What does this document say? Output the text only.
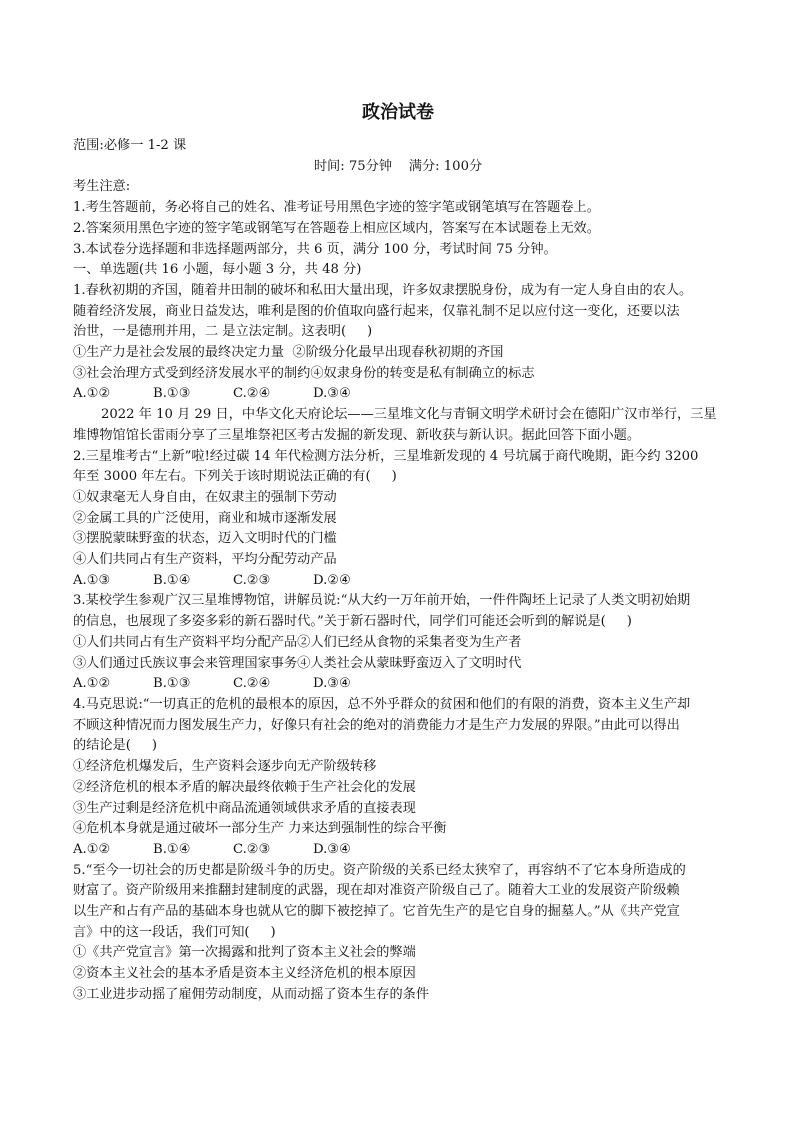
政治试卷
范围:必修一 1-2 课
时间: 75分钟    满分: 100分
考生注意:
1.考生答题前，务必将自己的姓名、准考证号用黑色字迹的签字笔或钢笔填写在答题卷上。
2.答案须用黑色字迹的签字笔或钢笔写在答题卷上相应区域内，答案写在本试题卷上无效。
3.本试卷分选择题和非选择题两部分，共 6 页，满分 100 分，考试时间 75 分钟。
一、单选题(共 16 小题，每小题 3 分，共 48 分)
1.春秋初期的齐国，随着井田制的破坏和私田大量出现，许多奴隶摆脱身份，成为有一定人身自由的农人。
随着经济发展，商业日益发达，唯利是图的价值取向盛行起来，仅靠礼制不足以应付这一变化，还要以法
治世，一是德刑并用，二 是立法定制。这表明(     )
①生产力是社会发展的最终决定力量  ②阶级分化最早出现春秋初期的齐国
③社会治理方式受到经济发展水平的制约④奴隶身份的转变是私有制确立的标志
A.①②	B.①③	C.②④	D.③④
2022 年 10 月 29 日，中华文化天府论坛——三星堆文化与青铜文明学术研讨会在德阳广汉市举行，三星
堆博物馆馆长雷雨分享了三星堆祭祀区考古发掘的新发现、新收获与新认识。据此回答下面小题。
2.三星堆考古“上新”啦!经过碳 14 年代检测方法分析，三星堆新发现的 4 号坑属于商代晚期，距今约 3200
年至 3000 年左右。下列关于该时期说法正确的有(     )
①奴隶毫无人身自由，在奴隶主的强制下劳动
②金属工具的广泛使用，商业和城市逐渐发展
③摆脱蒙昧野蛮的状态，迈入文明时代的门槛
④人们共同占有生产资料，平均分配劳动产品
A.①③	B.①④	C.②③	D.②④
3.某校学生参观广汉三星堆博物馆，讲解员说:“从大约一万年前开始，一件件陶坯上记录了人类文明初始期
的信息，也展现了多姿多彩的新石器时代。”关于新石器时代，同学们可能还会听到的解说是(     )
①人们共同占有生产资料平均分配产品②人们已经从食物的采集者变为生产者
③人们通过氏族议事会来管理国家事务④人类社会从蒙昧野蛮迈入了文明时代
A.①②	B.①③	C.②④	D.③④
4.马克思说:“一切真正的危机的最根本的原因，总不外乎群众的贫困和他们的有限的消费，资本主义生产却
不顾这种情况而力图发展生产力，好像只有社会的绝对的消费能力才是生产力发展的界限。”由此可以得出
的结论是(     )
①经济危机爆发后，生产资料会逐步向无产阶级转移
②经济危机的根本矛盾的解决最终依赖于生产社会化的发展
③生产过剩是经济危机中商品流通领域供求矛盾的直接表现
④危机本身就是通过破坏一部分生产 力来达到强制性的综合平衡
A.①②	B.①④	C.②③	D.③④
5.“至今一切社会的历史都是阶级斗争的历史。资产阶级的关系已经太狭窄了，再容纳不了它本身所造成的
财富了。资产阶级用来推翻封建制度的武器，现在却对准资产阶级自己了。随着大工业的发展资产阶级赖
以生产和占有产品的基础本身也就从它的脚下被挖掉了。它首先生产的是它自身的掘墓人。”从《共产党宣
言》中的这一段话，我们可知(     )
①《共产党宣言》第一次揭露和批判了资本主义社会的弊端
②资本主义社会的基本矛盾是资本主义经济危机的根本原因
③工业进步动摇了雇佣劳动制度，从而动摇了资本生存的条件
